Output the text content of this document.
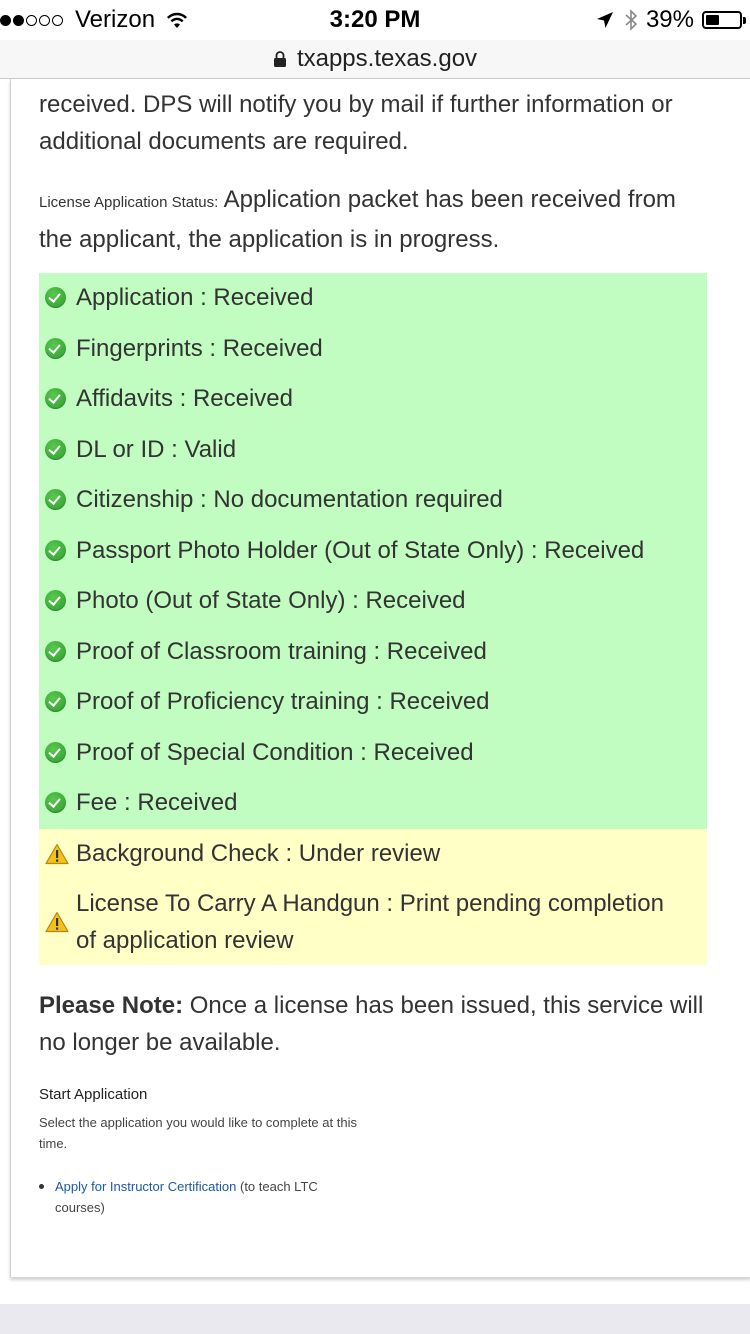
Verizon	3:20 PM	39%
txapps.texas.gov
received. DPS will notify you by mail if further information or additional documents are required.
License Application Status: Application packet has been received from the applicant, the application is in progress.
Application : Received
Fingerprints : Received
Affidavits : Received
DL or ID : Valid
Citizenship : No documentation required
Passport Photo Holder (Out of State Only) : Received
Photo (Out of State Only) : Received
Proof of Classroom training : Received
Proof of Proficiency training : Received
Proof of Special Condition : Received
Fee : Received
Background Check : Under review
License To Carry A Handgun : Print pending completion of application review
Please Note: Once a license has been issued, this service will no longer be available.
Start Application
Select the application you would like to complete at this time.
Apply for Instructor Certification (to teach LTC courses)
